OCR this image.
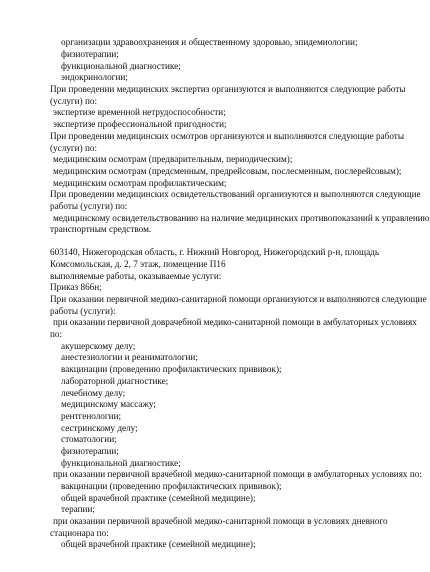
организации здравоохранения и общественному здоровью, эпидемиологии;
физиотерапии;
функциональной диагностике;
эндокринологии;
При проведении медицинских экспертиз организуются и выполняются следующие работы
(услуги) по:
экспертизе временной нетрудоспособности;
экспертизе профессиональной пригодности;
При проведении медицинских осмотров организуются и выполняются следующие работы
(услуги) по:
медицинским осмотрам (предварительным, периодическим);
медицинским осмотрам (предсменным, предрейсовым, послесменным, послерейсовым);
медицинским осмотрам профилактическим;
При проведении медицинских освидетельствований организуются и выполняются следующие
работы (услуги) по:
медицинскому освидетельствованию на наличие медицинских противопоказаний к управлению
транспортным средством.
603140, Нижегородская область, г. Нижний Новгород, Нижегородский р-н, площадь
Комсомольская, д. 2, 7 этаж, помещение П16
выполняемые работы, оказываемые услуги:
Приказ 866н;
При оказании первичной медико-санитарной помощи организуются и выполняются следующие
работы (услуги):
при оказании первичной доврачебной медико-санитарной помощи в амбулаторных условиях
по:
акушерскому делу;
анестезиологии и реаниматологии;
вакцинации (проведению профилактических прививок);
лабораторной диагностике;
лечебному делу;
медицинскому массажу;
рентгенологии;
сестринскому делу;
стоматологии;
физиотерапии;
функциональной диагностике;
при оказании первичной врачебной медико-санитарной помощи в амбулаторных условиях по:
вакцинации (проведению профилактических прививок);
общей врачебной практике (семейной медицине);
терапии;
при оказании первичной врачебной медико-санитарной помощи в условиях дневного
стационара по:
общей врачебной практике (семейной медицине);
